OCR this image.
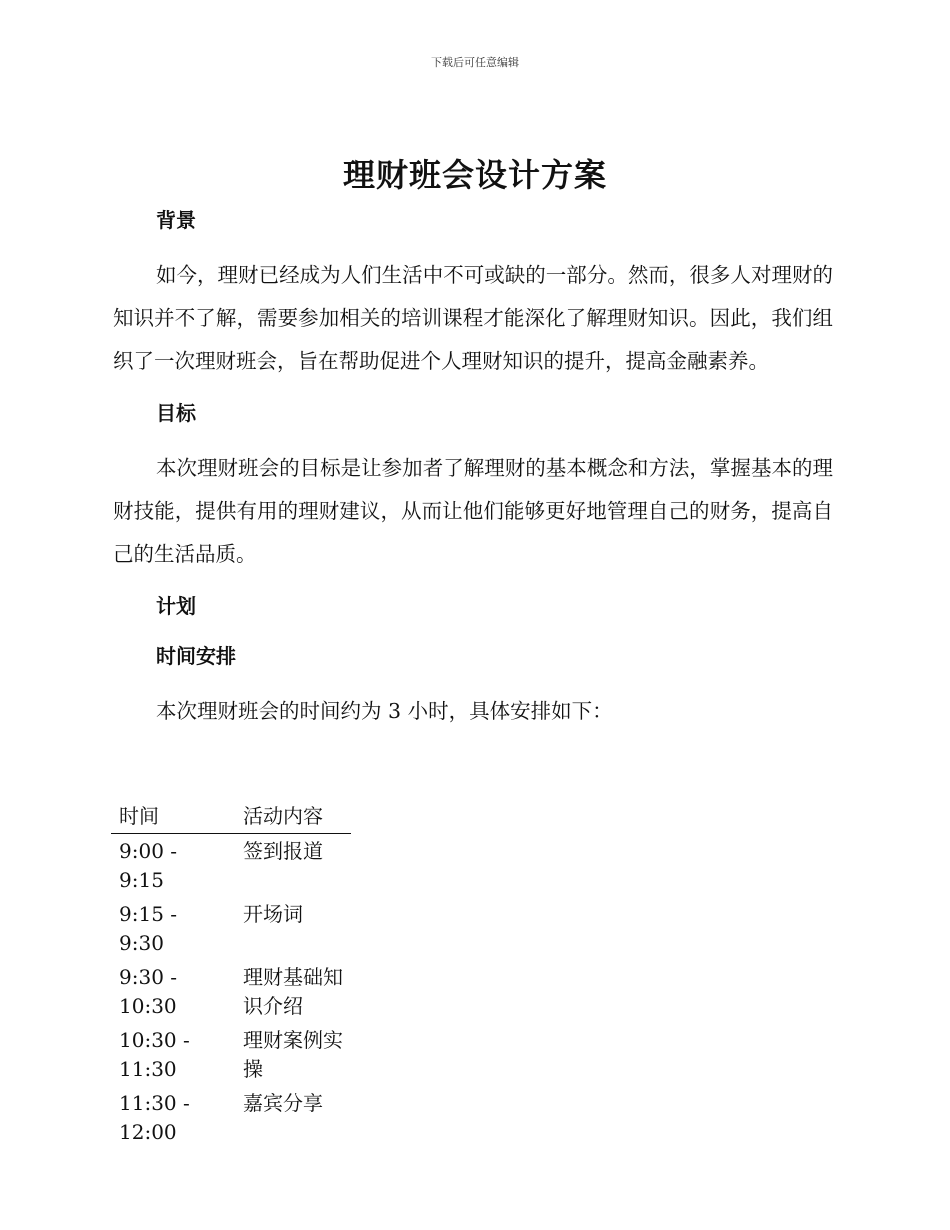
下载后可任意编辑
理财班会设计方案
背景

如今，理财已经成为人们生活中不可或缺的一部分。然而，很多人对理财的知识并不了解，需要参加相关的培训课程才能深化了解理财知识。因此，我们组织了一次理财班会，旨在帮助促进个人理财知识的提升，提高金融素养。

目标

本次理财班会的目标是让参加者了解理财的基本概念和方法，掌握基本的理财技能，提供有用的理财建议，从而让他们能够更好地管理自己的财务，提高自己的生活品质。

计划
时间安排

本次理财班会的时间约为 3 小时，具体安排如下：

时间	活动内容
9:00 - 9:15	签到报道
9:15 - 9:30	开场词
9:30 - 10:30	理财基础知识介绍
10:30 - 11:30	理财案例实操
11:30 - 12:00	嘉宾分享
